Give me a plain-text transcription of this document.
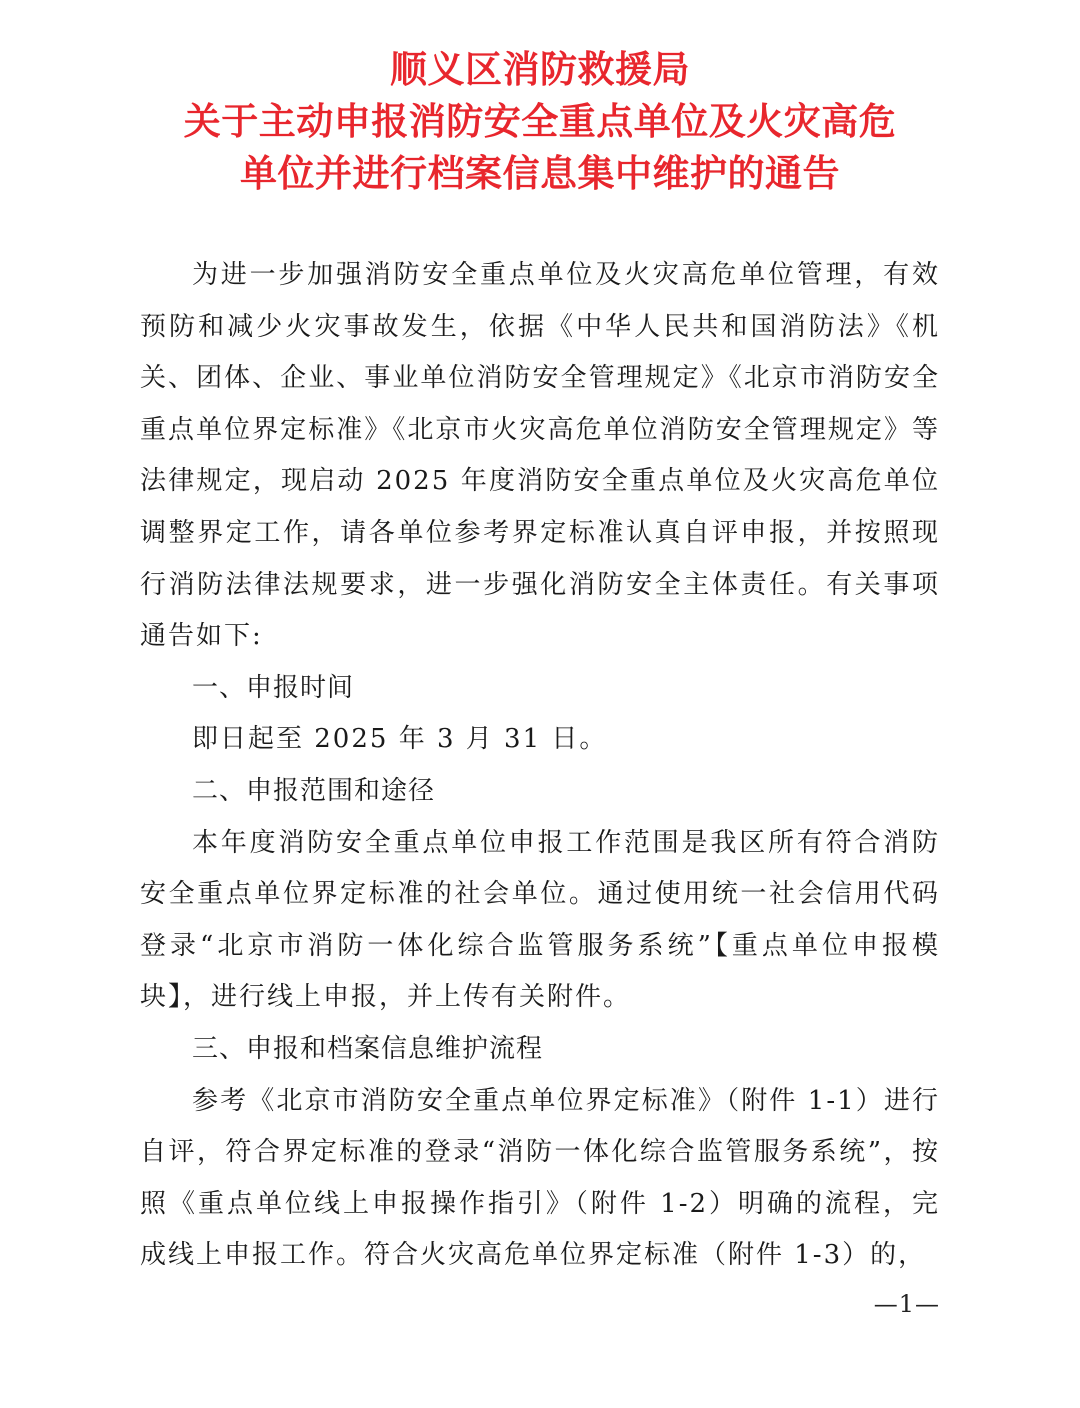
顺义区消防救援局
关于主动申报消防安全重点单位及火灾高危
单位并进行档案信息集中维护的通告

为进一步加强消防安全重点单位及火灾高危单位管理，有效预防和减少火灾事故发生，依据《中华人民共和国消防法》《机关、团体、企业、事业单位消防安全管理规定》《北京市消防安全重点单位界定标准》《北京市火灾高危单位消防安全管理规定》等法律规定，现启动 2025 年度消防安全重点单位及火灾高危单位调整界定工作，请各单位参考界定标准认真自评申报，并按照现行消防法律法规要求，进一步强化消防安全主体责任。有关事项通告如下:

一、申报时间

即日起至 2025 年 3 月 31 日。

二、申报范围和途径

本年度消防安全重点单位申报工作范围是我区所有符合消防安全重点单位界定标准的社会单位。通过使用统一社会信用代码登录“北京市消防一体化综合监管服务系统”【重点单位申报模块】，进行线上申报，并上传有关附件。

三、申报和档案信息维护流程

参考《北京市消防安全重点单位界定标准》（附件 1-1）进行自评，符合界定标准的登录“消防一体化综合监管服务系统”，按照《重点单位线上申报操作指引》（附件 1-2）明确的流程，完成线上申报工作。符合火灾高危单位界定标准（附件 1-3）的，

—1—
